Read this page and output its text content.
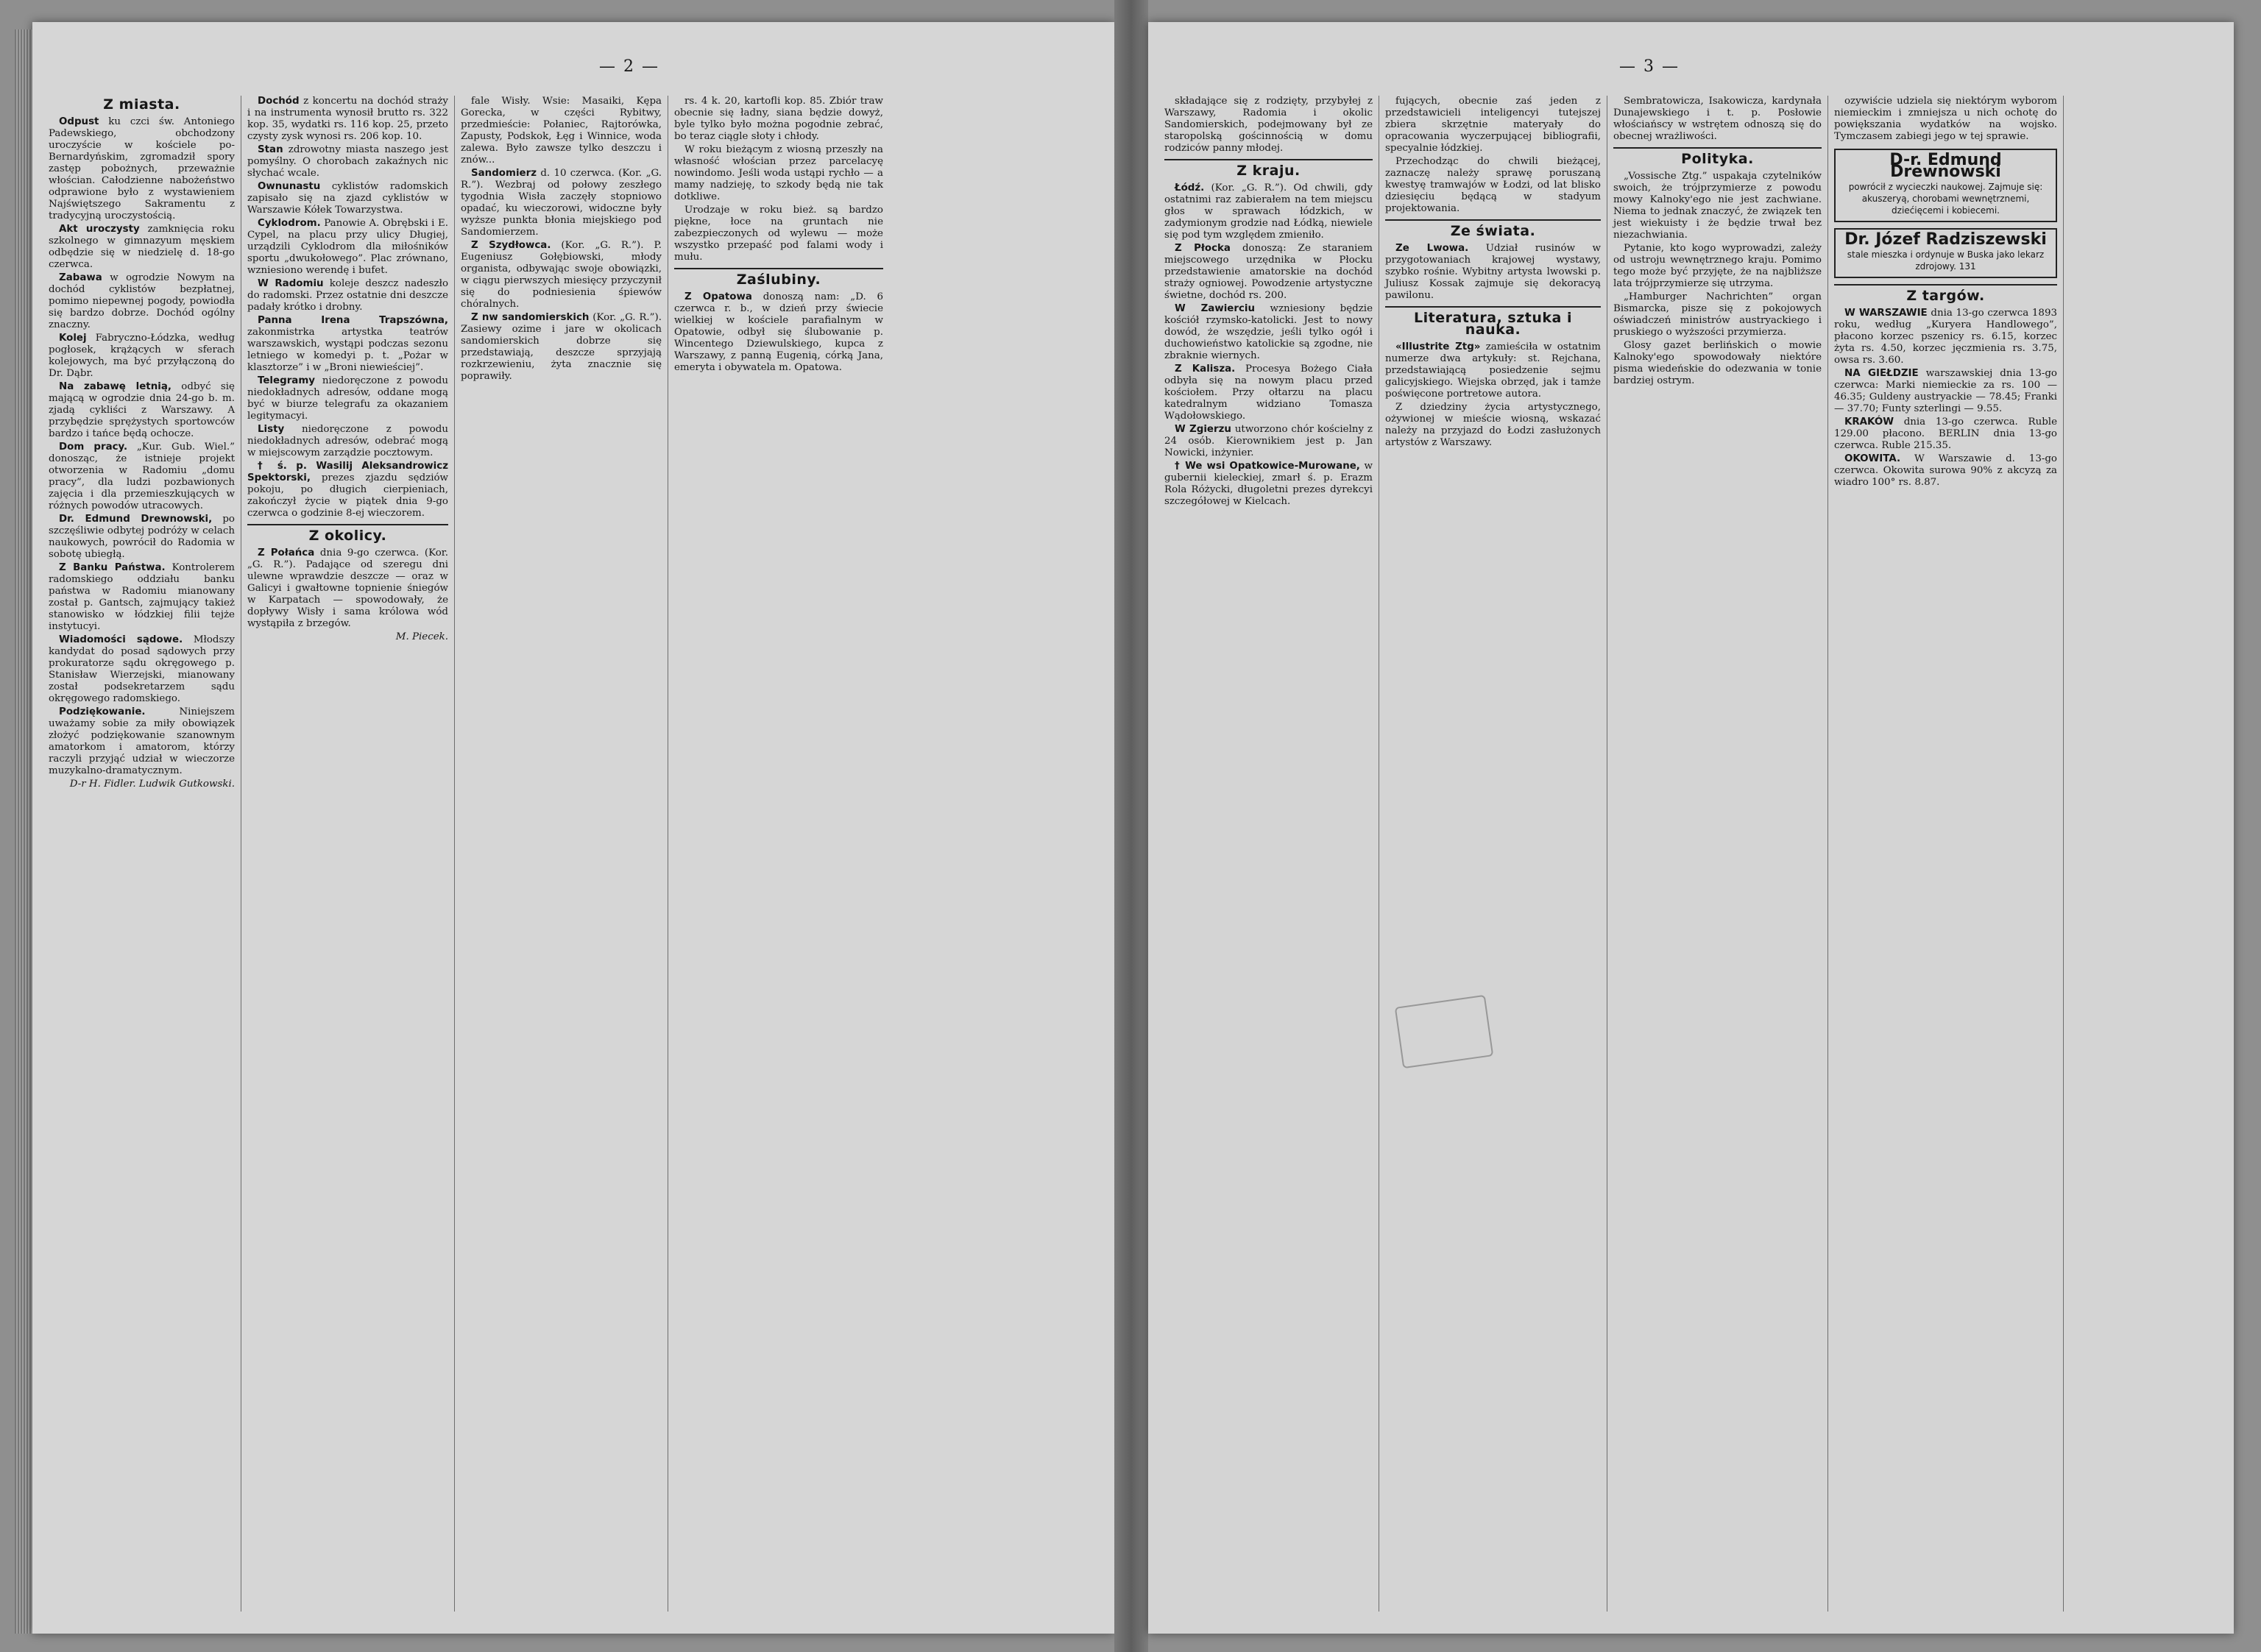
— 2 —
Z miasta.

Odpust ku czci św. Antoniego Padewskiego, obchodzony uroczyście w kościele po-Bernardyńskim, zgromadził spory zastęp pobożnych, przeważnie włościan. Całodzienne nabożeństwo odprawione było z wystawieniem Najświętszego Sakramentu z tradycyjną uroczystością.

Akt uroczysty zamknięcia roku szkolnego w gimnazyum męskiem odbędzie się w niedzielę d. 18-go czerwca.

Zabawa w ogrodzie Nowym na dochód cyklistów bezpłatnej, pomimo niepewnej pogody, powiodła się bardzo dobrze. Dochód ogólny znaczny.

Kolej Fabryczno-Łódzka, według pogłosek, krążących w sferach kolejowych, ma być przyłączoną do Dr. Dąbr.

Na zabawę letnią, odbyć się mającą w ogrodzie dnia 24-go b. m. zjadą cykliści z Warszawy. A przybędzie sprężystych sportowców bardzo i tańce będą ochocze.

Dom pracy. „Kur. Gub. Wiel.” donosząc, że istnieje projekt otworzenia w Radomiu „domu pracy”, dla ludzi pozbawionych zajęcia i dla przemieszkujących w różnych powodów utracowych.

Dr. Edmund Drewnowski, po szczęśliwie odbytej podróży w celach naukowych, powrócił do Radomia w sobotę ubiegłą.

Z Banku Państwa. Kontrolerem radomskiego oddziału banku państwa w Radomiu mianowany został p. Gantsch, zajmujący takież stanowisko w łódzkiej filii tejże instytucyi.

Wiadomości sądowe. Młodszy kandydat do posad sądowych przy prokuratorze sądu okręgowego p. Stanisław Wierzejski, mianowany został podsekretarzem sądu okręgowego radomskiego.

Podziękowanie.	Niniejszem uważamy sobie za miły obowiązek złożyć podziękowanie szanownym amatorkom i amatorom, którzy raczyli przyjąć udział w wieczorze muzykalno-dramatycznym.

D-r H. Fidler. Ludwik Gutkowski.

Dochód z koncertu na dochód straży i na instrumenta wynosił brutto rs. 322 kop. 35, wydatki rs. 116 kop. 25, przeto czysty zysk wynosi rs. 206 kop. 10.

Stan zdrowotny miasta naszego jest pomyślny. O chorobach zakaźnych nic słychać wcale.

Ownunastu cyklistów radomskich zapisało się na zjazd cyklistów w Warszawie Kółek Towarzystwa.

Cyklodrom. Panowie A. Obrębski i E. Cypel, na placu przy ulicy Długiej, urządzili Cyklodrom dla miłośników sportu „dwukołowego”. Plac zrównano, wzniesiono werendę i bufet.

W Radomiu koleje deszcz nadeszło do radomski. Przez ostatnie dni deszcze padały krótko i drobny.

Panna Irena Trapszówna, zakonmistrka artystka teatrów warszawskich, wystąpi podczas sezonu letniego w komedyi p. t. „Pożar w klasztorze” i w „Broni niewieściej”.

Telegramy niedoręczone z powodu niedokładnych adresów, oddane mogą być w biurze telegrafu za okazaniem legitymacyi.

Listy niedoręczone z powodu niedokładnych adresów, odebrać mogą w miejscowym zarządzie pocztowym.

† ś. p. Wasilij Aleksandrowicz Spektorski, prezes zjazdu sędziów pokoju, po długich cierpieniach, zakończył życie w piątek dnia 9-go czerwca o godzinie 8-ej wieczorem.

Z okolicy.

Z Połańca dnia 9-go czerwca. (Kor. „G. R.”). Padające od szeregu dni ulewne wprawdzie deszcze — oraz w Galicyi i gwałtowne topnienie śniegów w Karpatach — spowodowały, że dopływy Wisły i sama królowa wód wystąpiła z brzegów.

M. Piecek.

fale Wisły. Wsie: Masaiki, Kępa Gorecka, w części Rybitwy, przedmieście: Połaniec, Rajtorówka, Zapusty, Podskok, Łęg i Winnice, woda zalewa. Było zawsze tylko deszczu i znów...

Sandomierz d. 10 czerwca. (Kor. „G. R.”). Wezbraj od połowy zeszłego tygodnia Wisła zaczęły stopniowo opadać, ku wieczorowi, widoczne były wyższe punkta błonia miejskiego pod Sandomierzem.

Z Szydłowca. (Kor. „G. R.”). P. Eugeniusz Gołębiowski, młody organista, odbywając swoje obowiązki, w ciągu pierwszych miesięcy przyczynił się do podniesienia śpiewów chóralnych.

Z nw sandomierskich (Kor. „G. R.”). Zasiewy ozime i jare w okolicach sandomierskich dobrze się przedstawiają, deszcze sprzyjają rozkrzewieniu, żyta znacznie się poprawiły.

rs. 4 k. 20, kartofli kop. 85. Zbiór traw obecnie się ładny, siana będzie dowyż, byle tylko było można pogodnie zebrać, bo teraz ciągle słoty i chłody.

W roku bieżącym z wiosną przeszły na własność włościan przez parcelacyę nowindomo. Jeśli woda ustąpi rychło — a mamy nadzieję, to szkody będą nie tak dotkliwe.

Urodzaje w roku bież. są bardzo piękne, łoce na gruntach nie zabezpieczonych od wylewu — może wszystko przepaść pod falami wody i mułu.

Zaślubiny.

Z Opatowa donoszą nam: „D. 6 czerwca r. b., w dzień przy świecie wielkiej w kościele parafialnym w Opatowie, odbył się ślubowanie p. Wincentego Dziewulskiego, kupca z Warszawy, z panną Eugenią, córką Jana, emeryta i obywatela m. Opatowa.

— 3 —

składające się z rodzięty, przybyłej z Warszawy, Radomia i okolic Sandomierskich, podejmowany był ze staropolską gościnnością w domu rodziców panny młodej.

Z kraju.

Łódź. (Kor. „G. R.”). Od chwili, gdy ostatnimi raz zabierałem na tem miejscu głos w sprawach łódzkich, w zadymionym grodzie nad Łódką, niewiele się pod tym względem zmieniło.

Z Płocka donoszą: Ze staraniem miejscowego urzędnika w Płocku przedstawienie amatorskie na dochód straży ogniowej. Powodzenie artystyczne świetne, dochód rs. 200.

W Zawierciu wzniesiony będzie kościół rzymsko-katolicki. Jest to nowy dowód, że wszędzie, jeśli tylko ogół i duchowieństwo katolickie są zgodne, nie zbraknie wiernych.

Z Kalisza. Procesya Bożego Ciała odbyła się na nowym placu przed kościołem. Przy ołtarzu na placu katedralnym widziano Tomasza Wądołowskiego.

W Zgierzu utworzono chór kościelny z 24 osób. Kierownikiem jest p. Jan Nowicki, inżynier.

† We wsi Opatkowice-Murowane, w gubernii kieleckiej, zmarł ś. p. Erazm Rola Różycki, długoletni prezes dyrekcyi szczegółowej w Kielcach.

fujących, obecnie zaś jeden z przedstawicieli inteligencyi tutejszej zbiera skrzętnie materyały do opracowania wyczerpującej bibliografii, specyalnie łódzkiej.

Przechodząc do chwili bieżącej, zaznaczę należy sprawę poruszaną kwestyę tramwajów w Łodzi, od lat blisko dziesięciu będącą w stadyum projektowania.

Ze świata.

Ze Lwowa. Udział rusinów w przygotowaniach krajowej wystawy, szybko rośnie. Wybitny artysta lwowski p. Juliusz Kossak zajmuje się dekoracyą pawilonu.

Literatura, sztuka i nauka.

«Illustrite Ztg» zamieściła w ostatnim numerze dwa artykuły: st. Rejchana, przedstawiającą posiedzenie sejmu galicyjskiego. Wiejska obrzęd, jak i tamże poświęcone portretowe autora.

Z dziedziny życia artystycznego, ożywionej w mieście wiosną, wskazać należy na przyjazd do Łodzi zasłużonych artystów z Warszawy.

Sembratowicza, Isakowicza, kardynała Dunajewskiego i t. p. Posłowie włościańscy w wstrętem odnoszą się do obecnej wrażliwości.

Polityka.

„Vossische Ztg.” uspakaja czytelników swoich, że trójprzymierze z powodu mowy Kalnoky'ego nie jest zachwiane. Niema to jednak znaczyć, że związek ten jest wiekuisty i że będzie trwał bez niezachwiania.

Pytanie, kto kogo wyprowadzi, zależy od ustroju wewnętrznego kraju. Pomimo tego może być przyjęte, że na najbliższe lata trójprzymierze się utrzyma.

„Hamburger Nachrichten” organ Bismarcka, pisze się z pokojowych oświadczeń ministrów austryackiego i pruskiego o wyższości przymierza.

Glosy gazet berlińskich o mowie Kalnoky'ego spowodowały niektóre pisma wiedeńskie do odezwania w tonie bardziej ostrym.

ozywiście udziela się niektórym wyborom niemieckim i zmniejsza u nich ochotę do powiększania wydatków na wojsko. Tymczasem zabiegi jego w tej sprawie.

D-r. Edmund Drewnowski
powrócił z wycieczki naukowej. Zajmuje się: akuszeryą, chorobami wewnętrznemi, dziećięcemi i kobiecemi.
Dr. Józef Radziszewski
stale mieszka i ordynuje w Buska jako lekarz zdrojowy. 131
Z targów.

W WARSZAWIE dnia 13-go czerwca 1893 roku, według „Kuryera Handlowego”, płacono korzec pszenicy rs. 6.15, korzec żyta rs. 4.50, korzec jęczmienia rs. 3.75, owsa rs. 3.60.

NA GIEŁDZIE warszawskiej dnia 13-go czerwca: Marki niemieckie za rs. 100 — 46.35; Guldeny austryackie — 78.45; Franki — 37.70; Funty szterlingi — 9.55.

KRAKÓW dnia 13-go czerwca. Ruble 129.00 płacono. BERLIN dnia 13-go czerwca. Ruble 215.35.

OKOWITA. W Warszawie d. 13-go czerwca. Okowita surowa 90% z akcyzą za wiadro 100° rs. 8.87.
